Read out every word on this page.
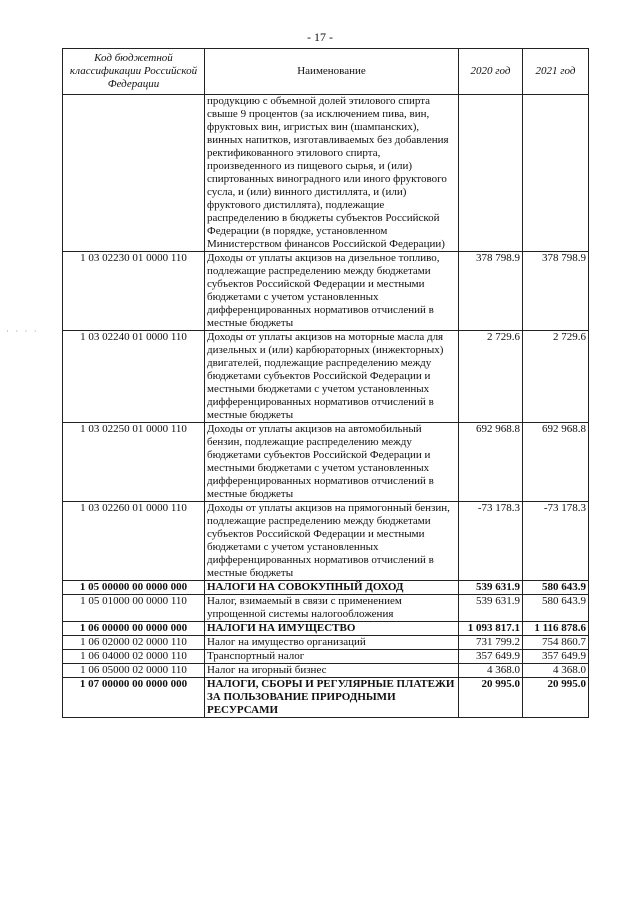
- 17 -
· · · ·
Код бюджетной классификации Российской Федерации	Наименование	2020 год	2021 год
	продукцию с объемной долей этилового спирта свыше 9 процентов (за исключением пива, вин, фруктовых вин, игристых вин (шампанских), винных напитков, изготавливаемых без добавления ректификованного этилового спирта, произведенного из пищевого сырья, и (или) спиртованных виноградного или иного фруктового сусла, и (или) винного дистиллята, и (или) фруктового дистиллята), подлежащие распределению в бюджеты субъектов Российской Федерации (в порядке, установленном Министерством финансов Российской Федерации)		
1 03 02230 01 0000 110	Доходы от уплаты акцизов на дизельное топливо, подлежащие распределению между бюджетами субъектов Российской Федерации и местными бюджетами с учетом установленных дифференцированных нормативов отчислений в местные бюджеты	378 798.9	378 798.9
1 03 02240 01 0000 110	Доходы от уплаты акцизов на моторные масла для дизельных и (или) карбюраторных (инжекторных) двигателей, подлежащие распределению между бюджетами субъектов Российской Федерации и местными бюджетами с учетом установленных дифференцированных нормативов отчислений в местные бюджеты	2 729.6	2 729.6
1 03 02250 01 0000 110	Доходы от уплаты акцизов на автомобильный бензин, подлежащие распределению между бюджетами субъектов Российской Федерации и местными бюджетами с учетом установленных дифференцированных нормативов отчислений в местные бюджеты	692 968.8	692 968.8
1 03 02260 01 0000 110	Доходы от уплаты акцизов на прямогонный бензин, подлежащие распределению между бюджетами субъектов Российской Федерации и местными бюджетами с учетом установленных дифференцированных нормативов отчислений в местные бюджеты	-73 178.3	-73 178.3
1 05 00000 00 0000 000	НАЛОГИ НА СОВОКУПНЫЙ ДОХОД	539 631.9	580 643.9
1 05 01000 00 0000 110	Налог, взимаемый в связи с применением упрощенной системы налогообложения	539 631.9	580 643.9
1 06 00000 00 0000 000	НАЛОГИ НА ИМУЩЕСТВО	1 093 817.1	1 116 878.6
1 06 02000 02 0000 110	Налог на имущество организаций	731 799.2	754 860.7
1 06 04000 02 0000 110	Транспортный налог	357 649.9	357 649.9
1 06 05000 02 0000 110	Налог на игорный бизнес	4 368.0	4 368.0
1 07 00000 00 0000 000	НАЛОГИ, СБОРЫ И РЕГУЛЯРНЫЕ ПЛАТЕЖИ ЗА ПОЛЬЗОВАНИЕ ПРИРОДНЫМИ РЕСУРСАМИ	20 995.0	20 995.0
